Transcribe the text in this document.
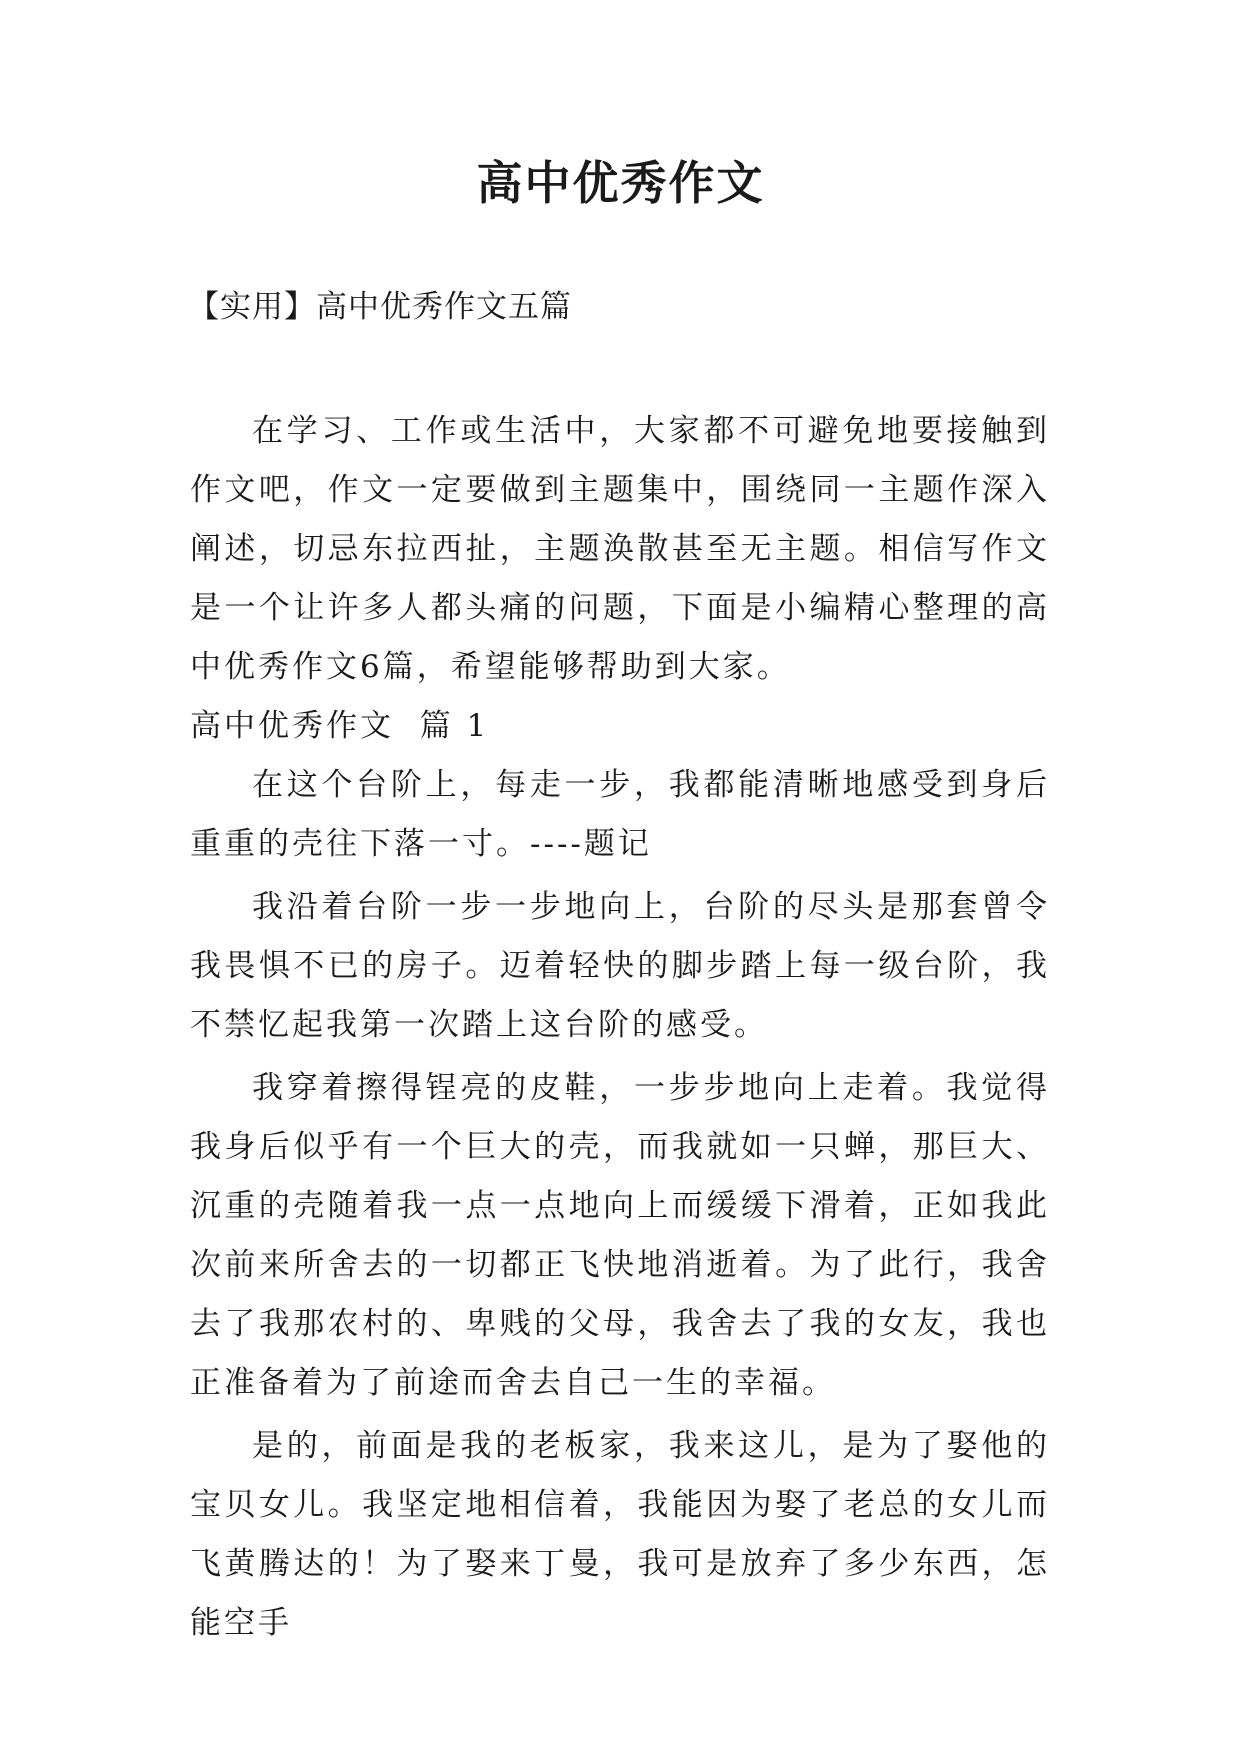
高中优秀作文
【实用】高中优秀作文五篇

在学习、工作或生活中，大家都不可避免地要接触到作文吧，作文一定要做到主题集中，围绕同一主题作深入阐述，切忌东拉西扯，主题涣散甚至无主题。相信写作文是一个让许多人都头痛的问题，下面是小编精心整理的高中优秀作文6篇，希望能够帮助到大家。

高中优秀作文  篇 1

在这个台阶上，每走一步，我都能清晰地感受到身后重重的壳往下落一寸。----题记

我沿着台阶一步一步地向上，台阶的尽头是那套曾令我畏惧不已的房子。迈着轻快的脚步踏上每一级台阶，我不禁忆起我第一次踏上这台阶的感受。

我穿着擦得锃亮的皮鞋，一步步地向上走着。我觉得我身后似乎有一个巨大的壳，而我就如一只蝉，那巨大、沉重的壳随着我一点一点地向上而缓缓下滑着，正如我此次前来所舍去的一切都正飞快地消逝着。为了此行，我舍去了我那农村的、卑贱的父母，我舍去了我的女友，我也正准备着为了前途而舍去自己一生的幸福。

是的，前面是我的老板家，我来这儿，是为了娶他的宝贝女儿。我坚定地相信着，我能因为娶了老总的女儿而飞黄腾达的！为了娶来丁曼，我可是放弃了多少东西，怎能空手
